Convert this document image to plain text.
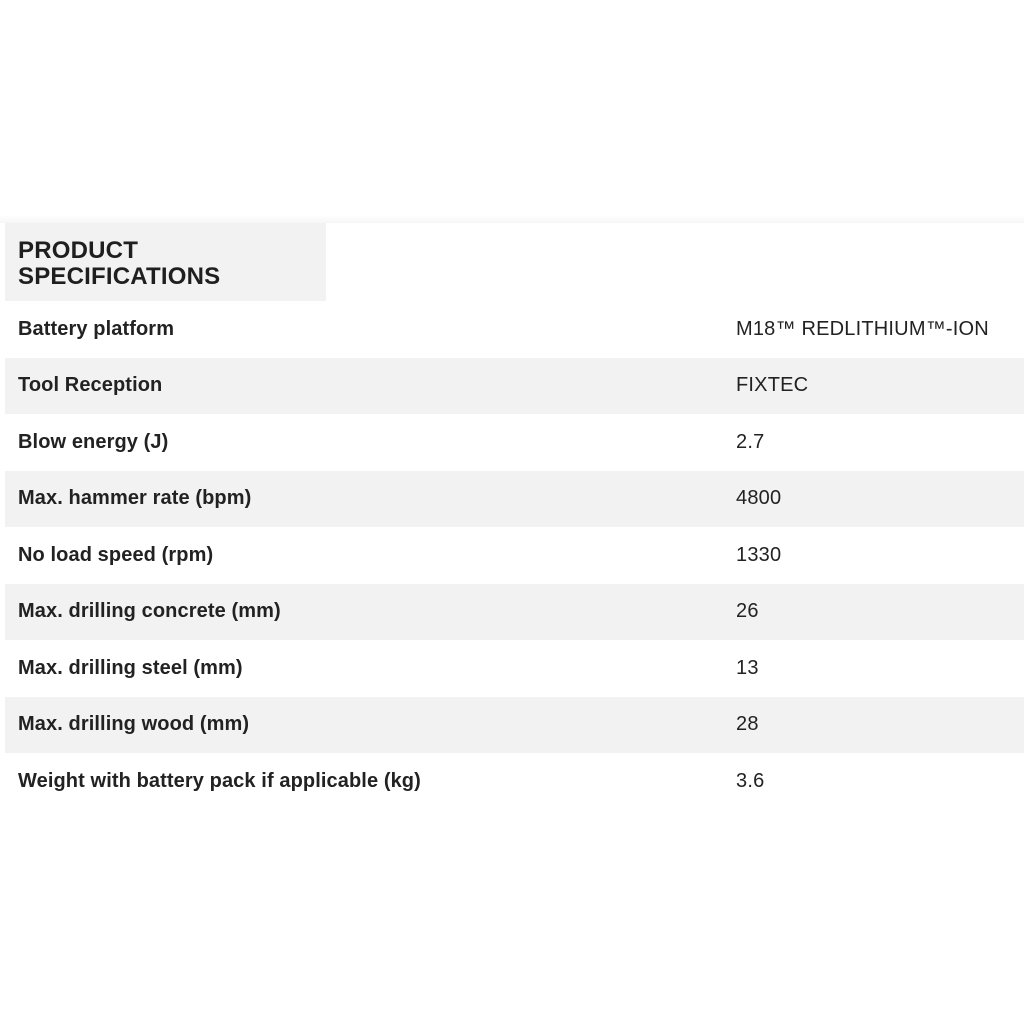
PRODUCT SPECIFICATIONS
Battery platform	M18™ REDLITHIUM™-ION
Tool Reception	FIXTEC
Blow energy (J)	2.7
Max. hammer rate (bpm)	4800
No load speed (rpm)	1330
Max. drilling concrete (mm)	26
Max. drilling steel (mm)	13
Max. drilling wood (mm)	28
Weight with battery pack if applicable (kg)	3.6
